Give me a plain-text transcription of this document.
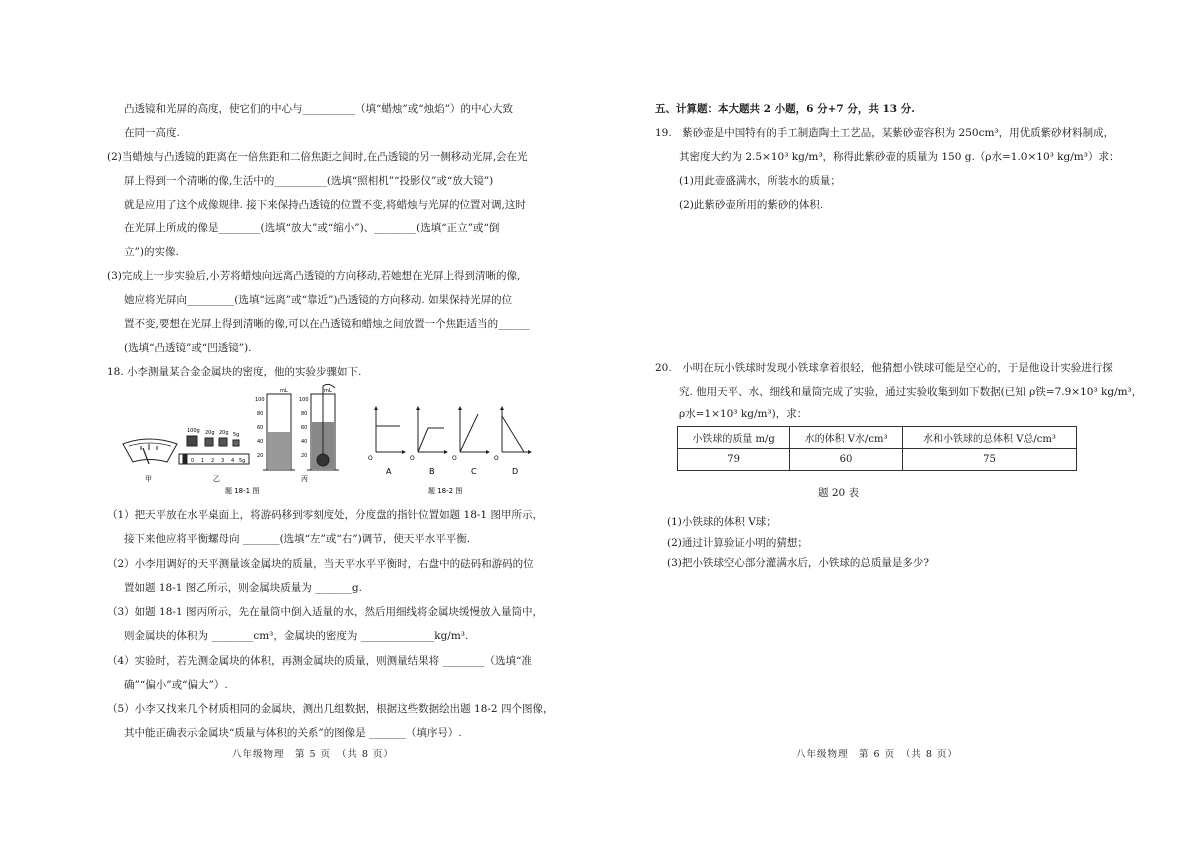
凸透镜和光屏的高度，使它们的中心与__________（填“蜡烛”或“烛焰”）的中心大致
在同一高度.
(2)当蜡烛与凸透镜的距离在一倍焦距和二倍焦距之间时,在凸透镜的另一侧移动光屏,会在光
屏上得到一个清晰的像,生活中的__________(选填“照相机”“投影仪”或“放大镜”)
就是应用了这个成像规律. 接下来保持凸透镜的位置不变,将蜡烛与光屏的位置对调,这时
在光屏上所成的像是________(选填“放大”或“缩小”)、________(选填“正立”或“倒
立”)的实像.
(3)完成上一步实验后,小芳将蜡烛向远离凸透镜的方向移动,若她想在光屏上得到清晰的像,
她应将光屏向_________(选填“远离”或“靠近”)凸透镜的方向移动. 如果保持光屏的位
置不变,要想在光屏上得到清晰的像,可以在凸透镜和蜡烛之间放置一个焦距适当的______
(选填“凸透镜”或“凹透镜”).
18. 小李测量某合金金属块的密度，他的实验步骤如下.
100g 20g 20g 5g
0 1 2 3 4 5g
mL	mL
100
80
60
40
20
100
80
60
40
20
甲	乙	丙
题 18-1 图
O	O	O	O
A	B	C	D
题 18-2 图
（1）把天平放在水平桌面上，将游码移到零刻度处，分度盘的指针位置如题 18-1 图甲所示，
接下来他应将平衡螺母向 _______(选填“左”或“右”)调节，使天平水平平衡.
（2）小李用调好的天平测量该金属块的质量，当天平水平平衡时，右盘中的砝码和游码的位
置如题 18-1 图乙所示，则金属块质量为 _______g.
（3）如题 18-1 图丙所示，先在量筒中倒入适量的水，然后用细线将金属块缓慢放入量筒中，
则金属块的体积为 ________cm³，金属块的密度为 ______________kg/m³.
（4）实验时，若先测金属块的体积，再测金属块的质量，则测量结果将 ________（选填“准
确”“偏小”或“偏大”）.
（5）小李又找来几个材质相同的金属块，测出几组数据，根据这些数据绘出题 18-2 四个图像，
其中能正确表示金属块“质量与体积的关系”的图像是 _______（填序号）.
八年级物理　第 5 页　（共 8 页）
五、计算题：本大题共 2 小题，6 分+7 分，共 13 分.
19.　紫砂壶是中国特有的手工制造陶土工艺品，某紫砂壶容积为 250cm³，用优质紫砂材料制成，
其密度大约为 2.5×10³ kg/m³，称得此紫砂壶的质量为 150 g.（ρ水=1.0×10³ kg/m³）求：
(1)用此壶盛满水，所装水的质量；
(2)此紫砂壶所用的紫砂的体积.
20.　小明在玩小铁球时发现小铁球拿着很轻，他猜想小铁球可能是空心的，于是他设计实验进行探
究. 他用天平、水、细线和量筒完成了实验，通过实验收集到如下数据(已知 ρ铁=7.9×10³ kg/m³，
ρ水=1×10³ kg/m³)，求：
题 20 表
(1)小铁球的体积 V球；
(2)通过计算验证小明的猜想；
(3)把小铁球空心部分灌满水后，小铁球的总质量是多少?
八年级物理　第 6 页　（共 8 页）
小铁球的质量 m/g	水的体积 V水/cm³	水和小铁球的总体积 V总/cm³
79	60	75
